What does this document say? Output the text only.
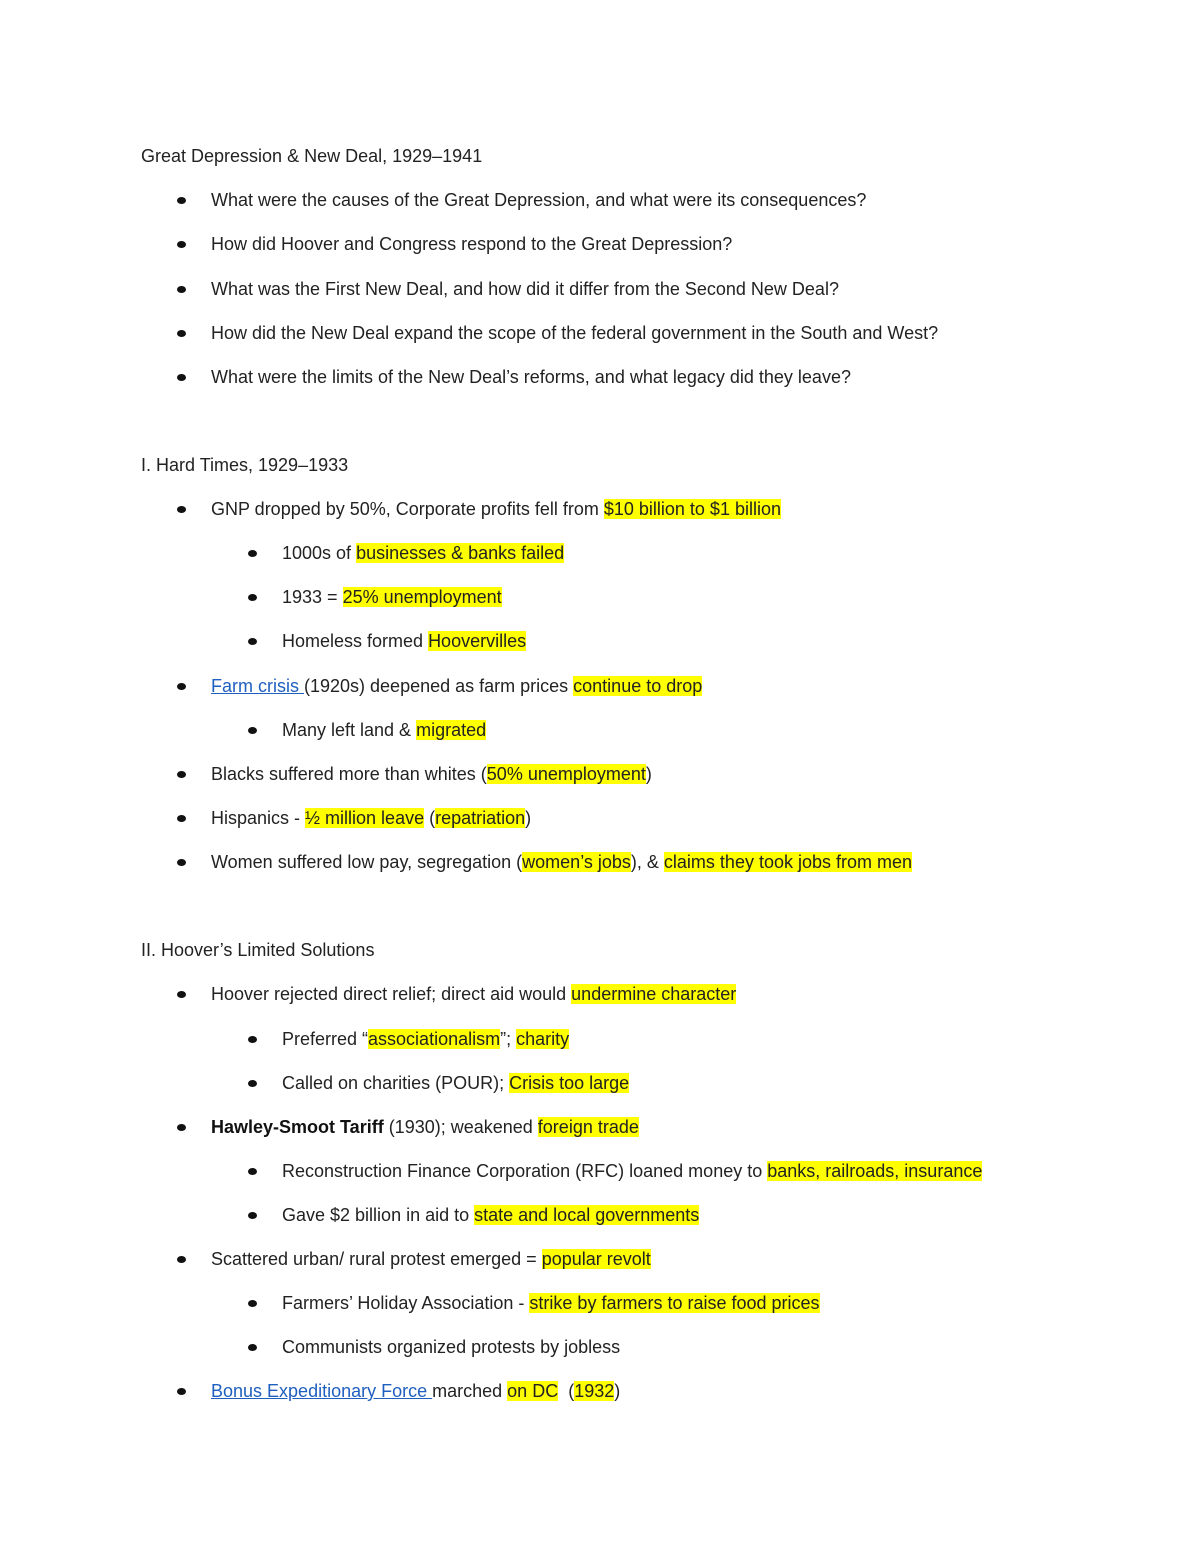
Great Depression & New Deal, 1929–1941
What were the causes of the Great Depression, and what were its consequences?
How did Hoover and Congress respond to the Great Depression?
What was the First New Deal, and how did it differ from the Second New Deal?
How did the New Deal expand the scope of the federal government in the South and West?
What were the limits of the New Deal’s reforms, and what legacy did they leave?
I. Hard Times, 1929–1933
GNP dropped by 50%, Corporate profits fell from $10 billion to $1 billion
1000s of businesses & banks failed
1933 = 25% unemployment
Homeless formed Hoovervilles
Farm crisis (1920s) deepened as farm prices continue to drop
Many left land & migrated
Blacks suffered more than whites (50% unemployment)
Hispanics - ½ million leave (repatriation)
Women suffered low pay, segregation (women’s jobs), & claims they took jobs from men
II. Hoover’s Limited Solutions
Hoover rejected direct relief; direct aid would undermine character
Preferred “associationalism”; charity
Called on charities (POUR); Crisis too large
Hawley-Smoot Tariff (1930); weakened foreign trade
Reconstruction Finance Corporation (RFC) loaned money to banks, railroads, insurance
Gave $2 billion in aid to state and local governments
Scattered urban/ rural protest emerged = popular revolt
Farmers’ Holiday Association - strike by farmers to raise food prices
Communists organized protests by jobless
Bonus Expeditionary Force marched on DC  (1932)
